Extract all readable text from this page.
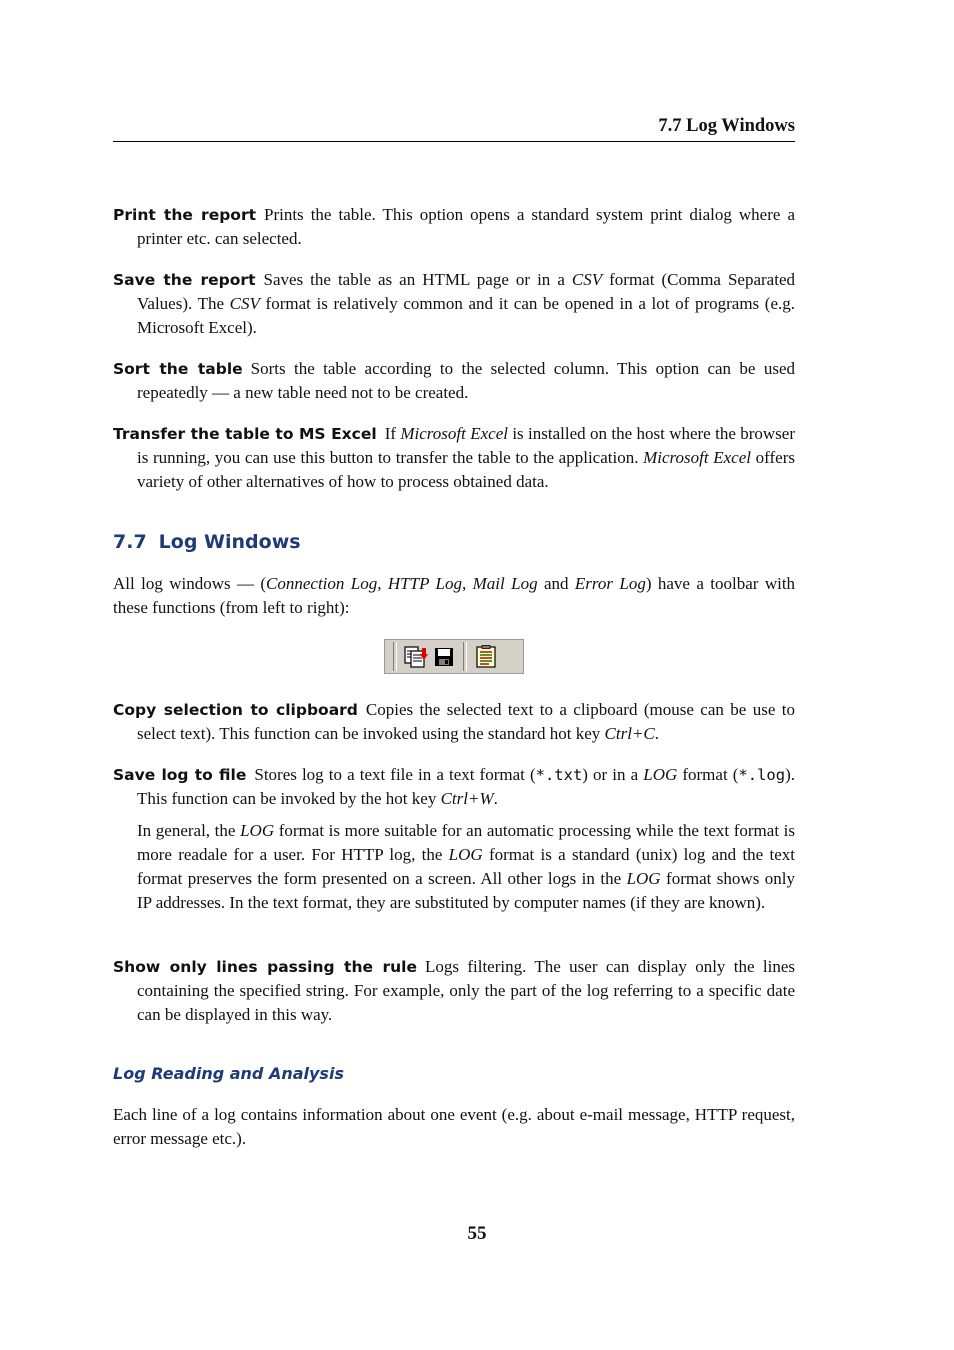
7.7 Log Windows

Print the report Prints the table. This option opens a standard system print dialog where a printer etc. can selected.

Save the report Saves the table as an HTML page or in a CSV format (Comma Separated Values). The CSV format is relatively common and it can be opened in a lot of programs (e.g. Microsoft Excel).

Sort the table Sorts the table according to the selected column. This option can be used repeatedly — a new table need not to be created.

Transfer the table to MS Excel If Microsoft Excel is installed on the host where the browser is running, you can use this button to transfer the table to the application. Microsoft Excel offers variety of other alternatives of how to process obtained data.

7.7 Log Windows

All log windows — (Connection Log, HTTP Log, Mail Log and Error Log) have a toolbar with these functions (from left to right):

Copy selection to clipboard Copies the selected text to a clipboard (mouse can be use to select text). This function can be invoked using the standard hot key Ctrl+C.

Save log to file Stores log to a text file in a text format (*.txt) or in a LOG format (*.log). This function can be invoked by the hot key Ctrl+W.

In general, the LOG format is more suitable for an automatic processing while the text format is more readale for a user. For HTTP log, the LOG format is a standard (unix) log and the text format preserves the form presented on a screen. All other logs in the LOG format shows only IP addresses. In the text format, they are substituted by computer names (if they are known).

Show only lines passing the rule Logs filtering. The user can display only the lines containing the specified string. For example, only the part of the log referring to a specific date can be displayed in this way.

Log Reading and Analysis

Each line of a log contains information about one event (e.g. about e-mail message, HTTP request, error message etc.).

55
